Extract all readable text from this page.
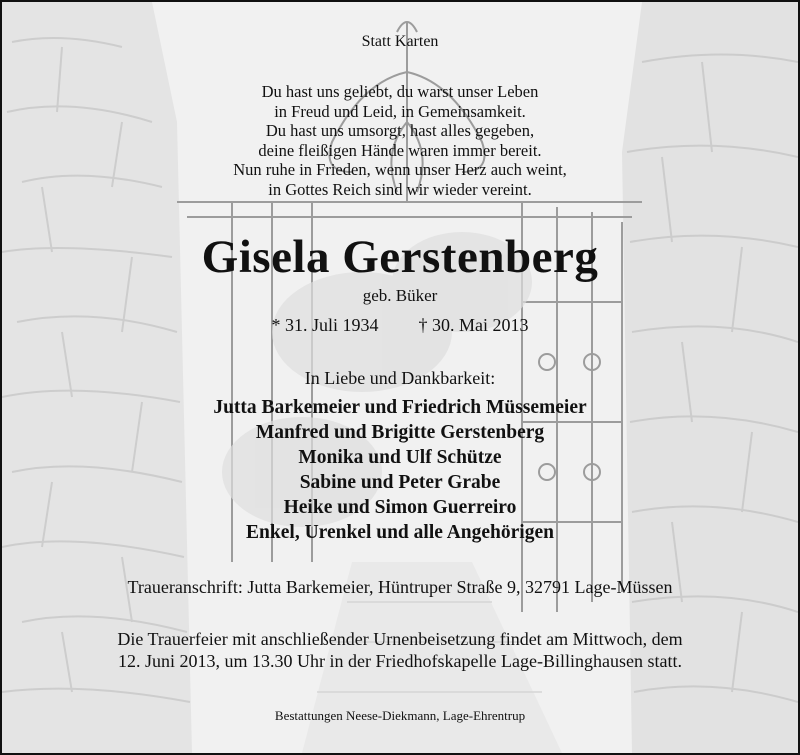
Statt Karten
Du hast uns geliebt, du warst unser Leben
in Freud und Leid, in Gemeinsamkeit.
Du hast uns umsorgt, hast alles gegeben,
deine fleißigen Hände waren immer bereit.
Nun ruhe in Frieden, wenn unser Herz auch weint,
in Gottes Reich sind wir wieder vereint.
Gisela Gerstenberg
geb. Büker
* 31. Juli 1934 † 30. Mai 2013
In Liebe und Dankbarkeit:
Jutta Barkemeier und Friedrich Müssemeier
Manfred und Brigitte Gerstenberg
Monika und Ulf Schütze
Sabine und Peter Grabe
Heike und Simon Guerreiro
Enkel, Urenkel und alle Angehörigen
Traueranschrift: Jutta Barkemeier, Hüntruper Straße 9, 32791 Lage-Müssen
Die Trauerfeier mit anschließender Urnenbeisetzung findet am Mittwoch, dem
12. Juni 2013, um 13.30 Uhr in der Friedhofskapelle Lage-Billinghausen statt.
Bestattungen Neese-Diekmann, Lage-Ehrentrup
